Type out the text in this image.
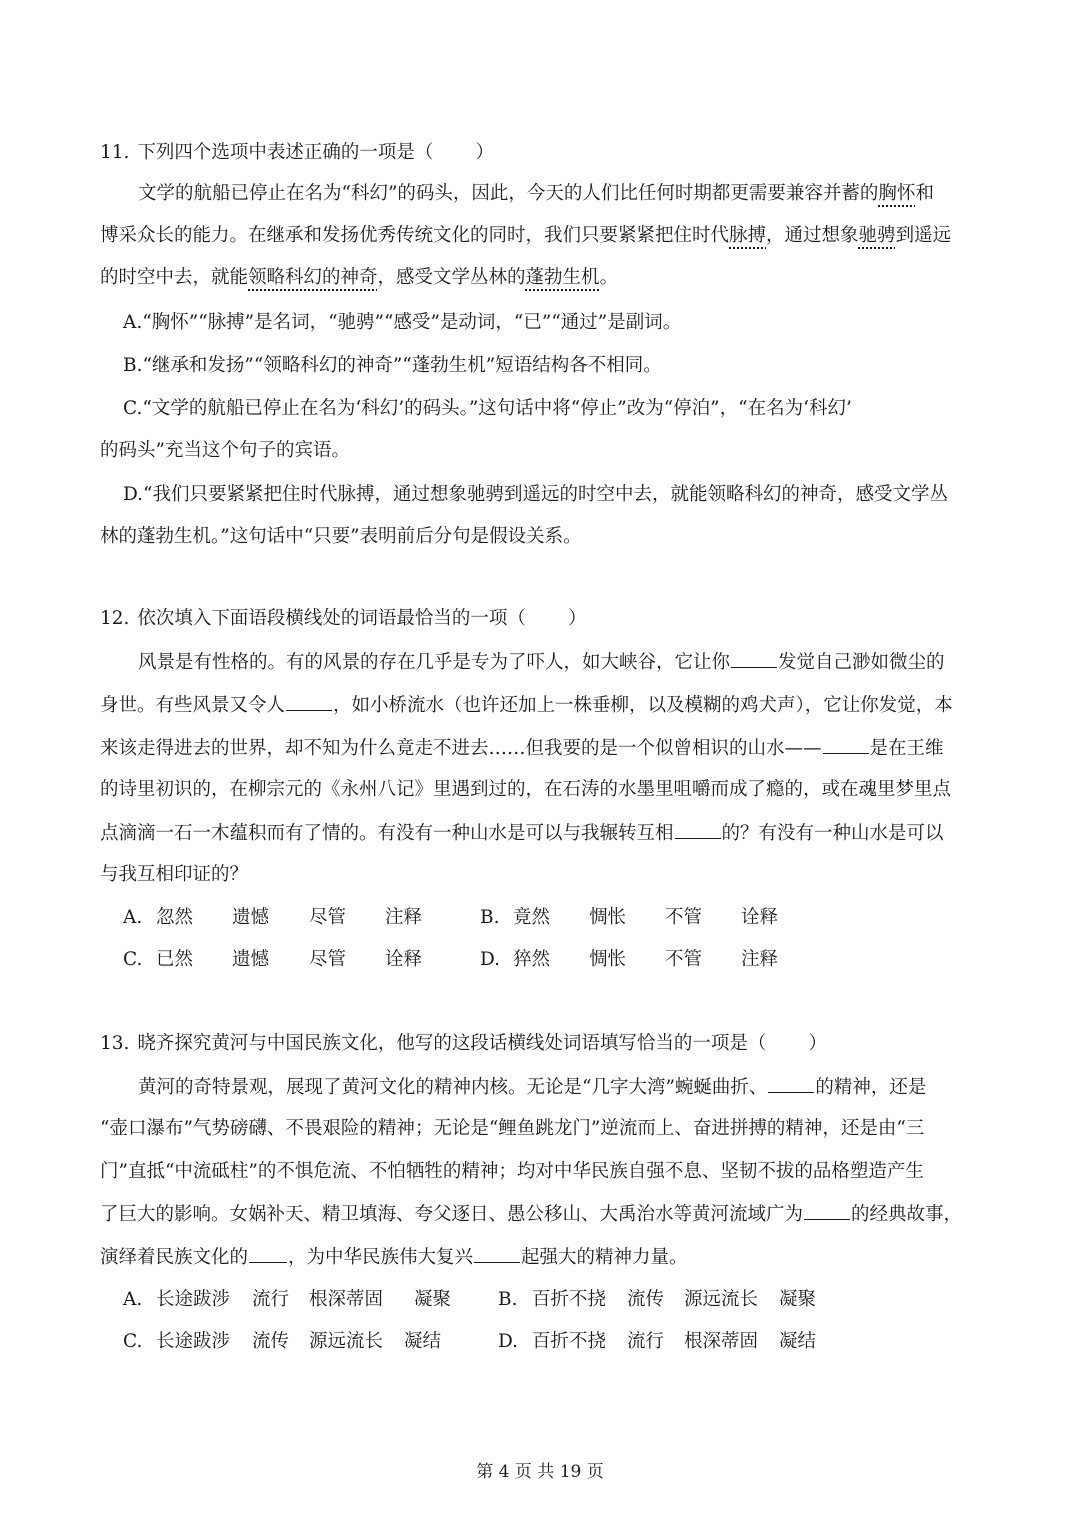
11. 下列四个选项中表述正确的一项是（ ）
文学的航船已停止在名为“科幻”的码头，因此，今天的人们比任何时期都更需要兼容并蓄的胸怀和
博采众长的能力。在继承和发扬优秀传统文化的同时，我们只要紧紧把住时代脉搏，通过想象驰骋到遥远
的时空中去，就能领略科幻的神奇，感受文学丛林的蓬勃生机。
A.“胸怀”“脉搏”是名词，“驰骋”“感受”是动词，“已”“通过”是副词。
B.“继承和发扬”“领略科幻的神奇”“蓬勃生机”短语结构各不相同。
C.“文学的航船已停止在名为‘科幻’的码头。”这句话中将“停止”改为“停泊”，“在名为‘科幻’
的码头”充当这个句子的宾语。
D.“我们只要紧紧把住时代脉搏，通过想象驰骋到遥远的时空中去，就能领略科幻的神奇，感受文学丛
林的蓬勃生机。”这句话中“只要”表明前后分句是假设关系。
12. 依次填入下面语段横线处的词语最恰当的一项（ ）
风景是有性格的。有的风景的存在几乎是专为了吓人，如大峡谷，它让你	发觉自己渺如微尘的
身世。有些风景又令人	，如小桥流水（也许还加上一株垂柳，以及模糊的鸡犬声），它让你发觉，本
来该走得进去的世界，却不知为什么竟走不进去……但我要的是一个似曾相识的山水——	是在王维
的诗里初识的，在柳宗元的《永州八记》里遇到过的，在石涛的水墨里咀嚼而成了瘾的，或在魂里梦里点
点滴滴一石一木蕴积而有了情的。有没有一种山水是可以与我辗转互相	的？有没有一种山水是可以
与我互相印证的？
A. 忽然 遗憾 尽管 注释	B. 竟然 惆怅 不管 诠释
C. 已然 遗憾 尽管 诠释	D. 猝然 惆怅 不管 注释
13. 晓齐探究黄河与中国民族文化，他写的这段话横线处词语填写恰当的一项是（ ）
黄河的奇特景观，展现了黄河文化的精神内核。无论是“几字大湾”蜿蜒曲折、	的精神，还是
“壶口瀑布”气势磅礴、不畏艰险的精神；无论是“鲤鱼跳龙门”逆流而上、奋进拼搏的精神，还是由“三
门”直抵“中流砥柱”的不惧危流、不怕牺牲的精神；均对中华民族自强不息、坚韧不拔的品格塑造产生
了巨大的影响。女娲补天、精卫填海、夸父逐日、愚公移山、大禹治水等黄河流域广为	的经典故事，
演绎着民族文化的 ，为中华民族伟大复兴	起强大的精神力量。
A. 长途跋涉 流行 根深蒂固 凝聚	B. 百折不挠 流传 源远流长 凝聚
C. 长途跋涉 流传 源远流长 凝结	D. 百折不挠 流行 根深蒂固 凝结
第 4 页 共 19 页
